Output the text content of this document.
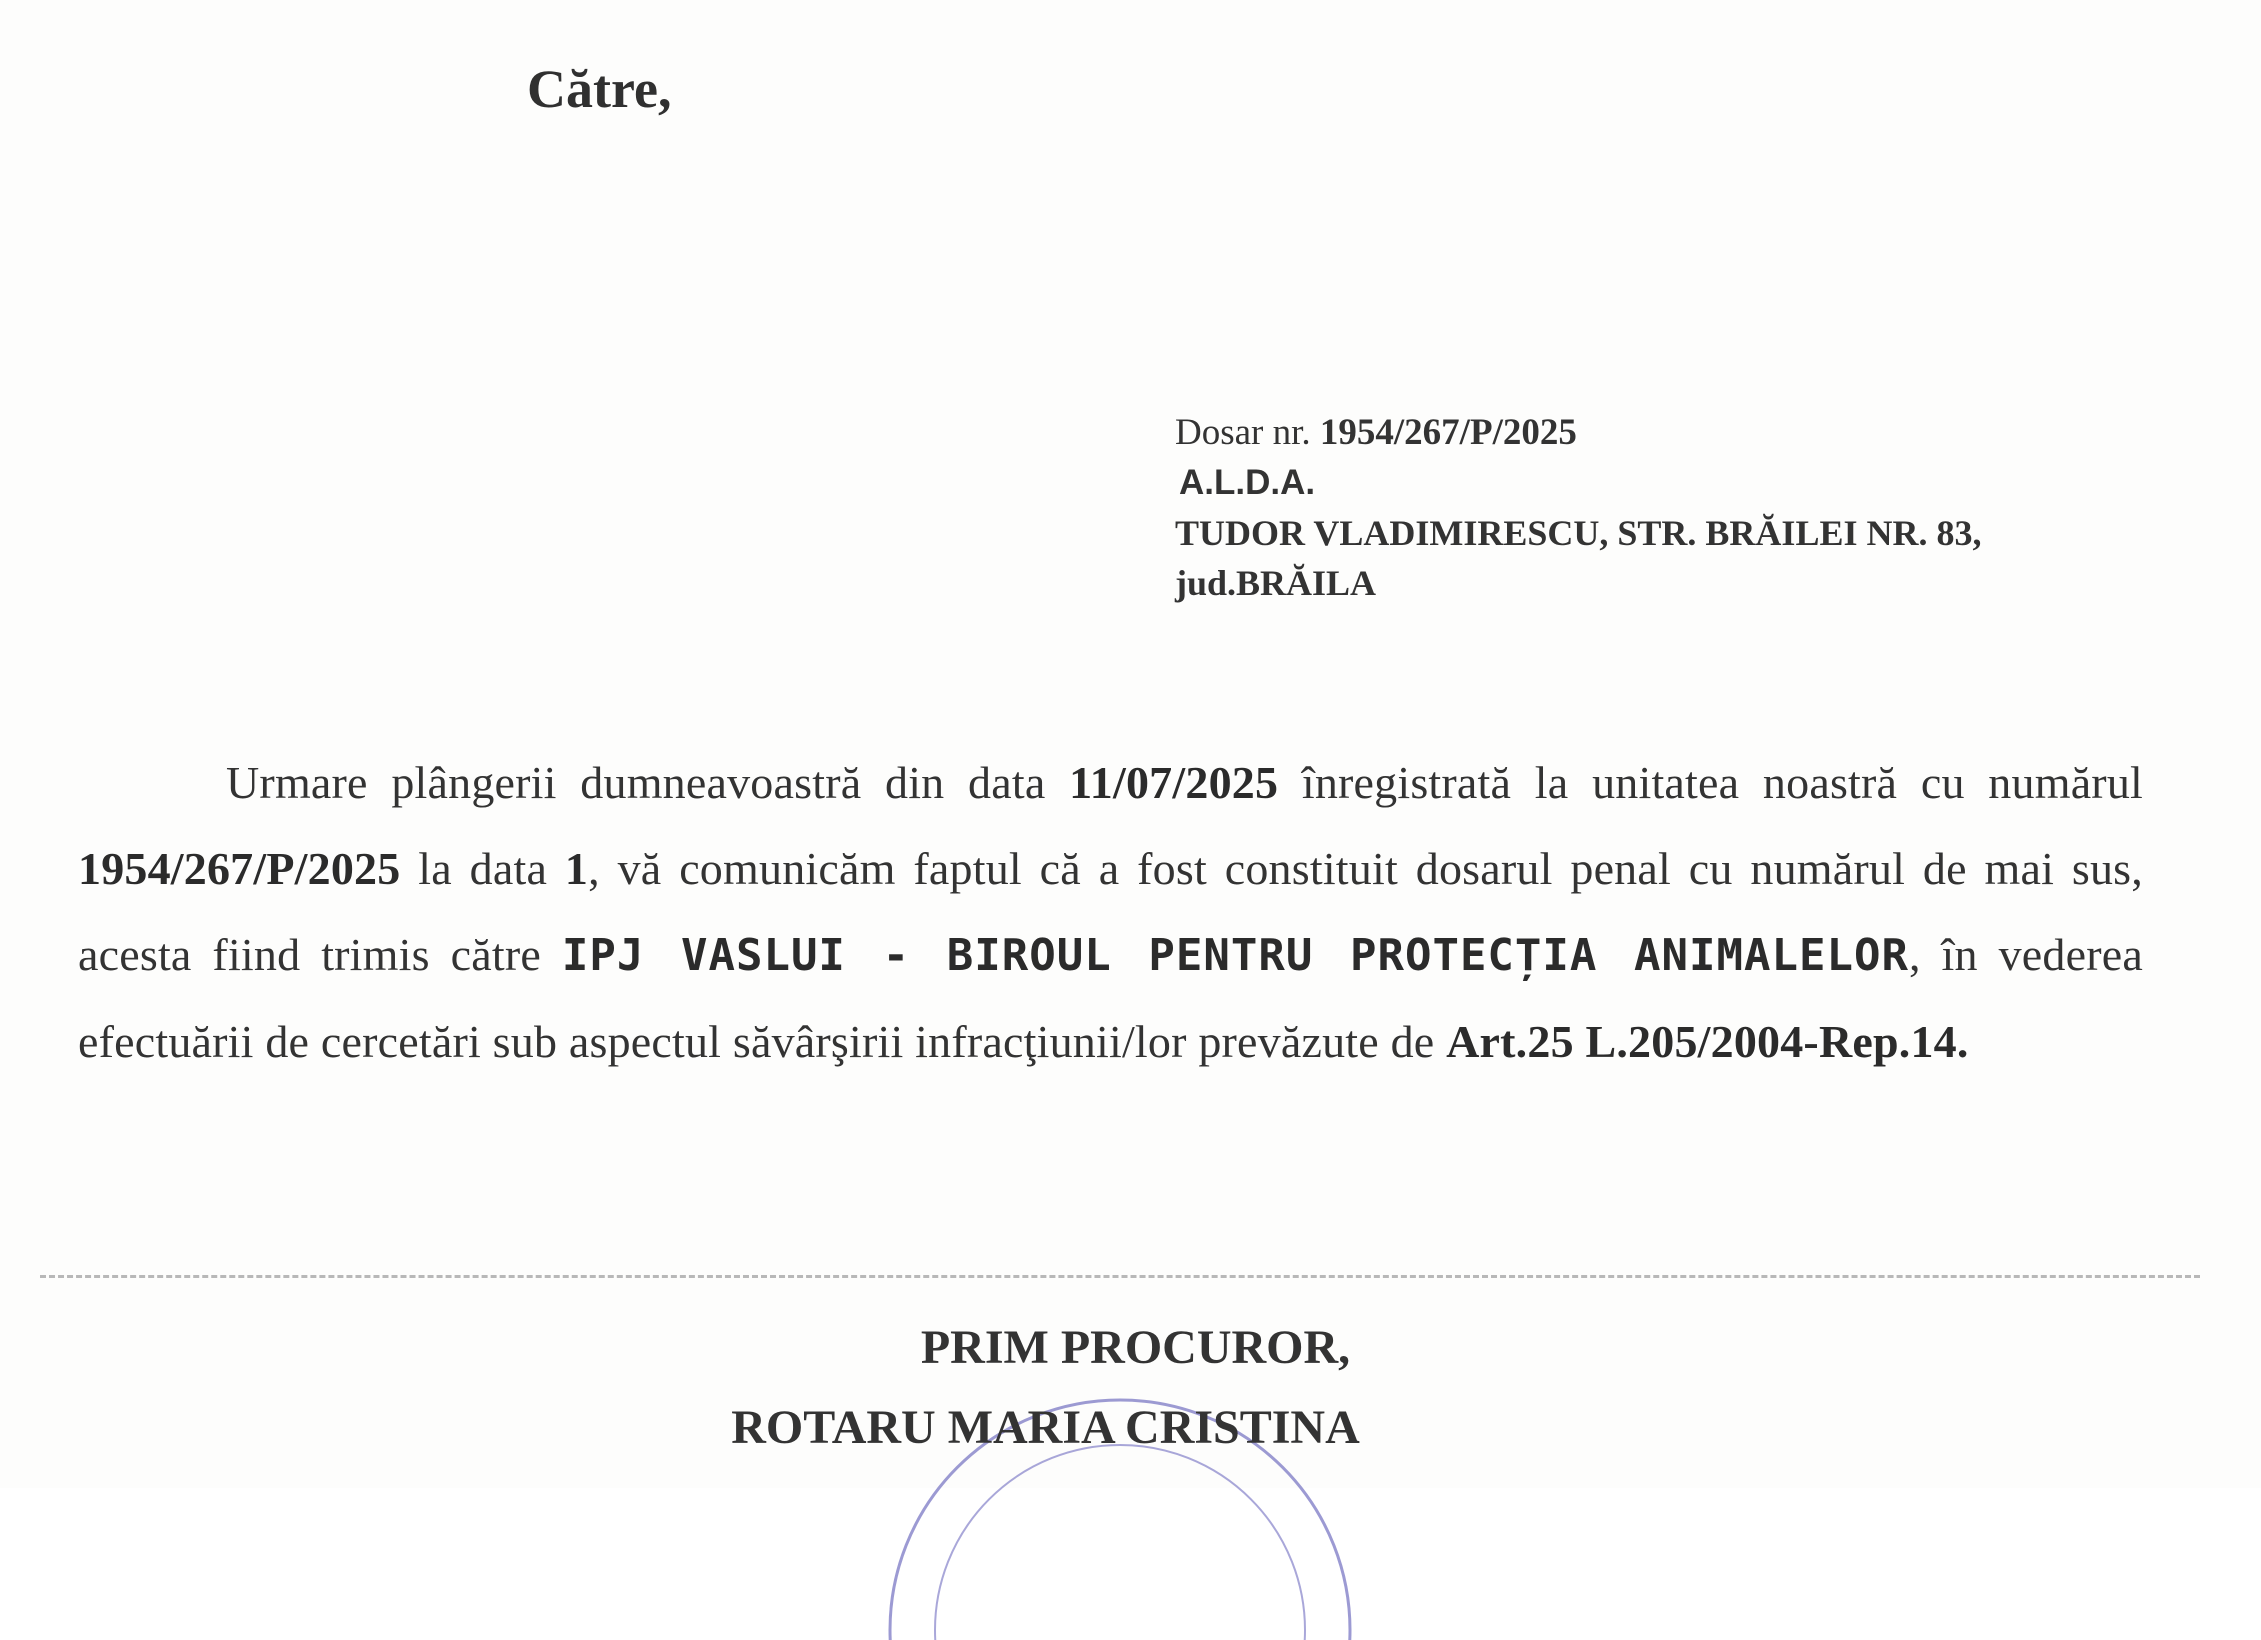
Către,
Dosar nr. 1954/267/P/2025
A.L.D.A.
TUDOR VLADIMIRESCU, STR. BRĂILEI NR. 83,
jud.BRĂILA
Urmare plângerii dumneavoastră din data 11/07/2025 înregistrată la unitatea noastră cu numărul 1954/267/P/2025 la data 1, vă comunicăm faptul că a fost constituit dosarul penal cu numărul de mai sus, acesta fiind trimis către IPJ VASLUI - BIROUL PENTRU PROTECȚIA ANIMALELOR, în vederea efectuării de cercetări sub aspectul săvârşirii infracţiunii/lor prevăzute de Art.25 L.205/2004-Rep.14.
PRIM PROCUROR,
ROTARU MARIA CRISTINA
